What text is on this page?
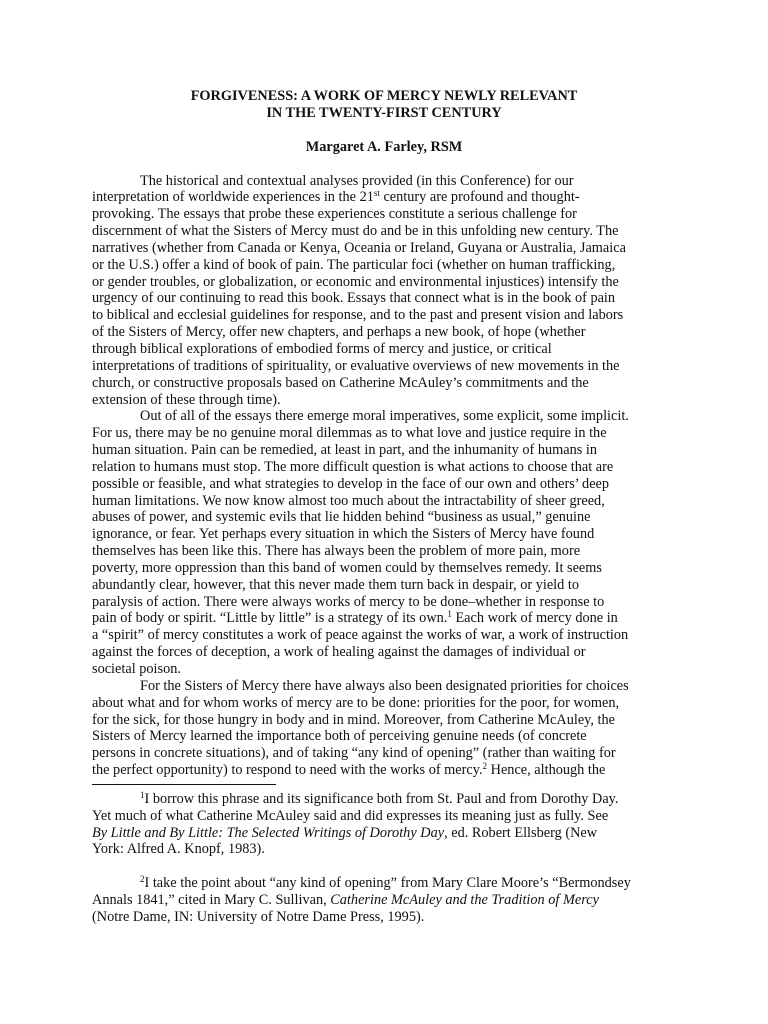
FORGIVENESS: A WORK OF MERCY NEWLY RELEVANT
IN THE TWENTY-FIRST CENTURY

Margaret A. Farley, RSM

The historical and contextual analyses provided (in this Conference) for our
interpretation of worldwide experiences in the 21st century are profound and thought-
provoking. The essays that probe these experiences constitute a serious challenge for
discernment of what the Sisters of Mercy must do and be in this unfolding new century. The
narratives (whether from Canada or Kenya, Oceania or Ireland, Guyana or Australia, Jamaica
or the U.S.) offer a kind of book of pain. The particular foci (whether on human trafficking,
or gender troubles, or globalization, or economic and environmental injustices) intensify the
urgency of our continuing to read this book. Essays that connect what is in the book of pain
to biblical and ecclesial guidelines for response, and to the past and present vision and labors
of the Sisters of Mercy, offer new chapters, and perhaps a new book, of hope (whether
through biblical explorations of embodied forms of mercy and justice, or critical
interpretations of traditions of spirituality, or evaluative overviews of new movements in the
church, or constructive proposals based on Catherine McAuley’s commitments and the
extension of these through time).

Out of all of the essays there emerge moral imperatives, some explicit, some implicit.
For us, there may be no genuine moral dilemmas as to what love and justice require in the
human situation. Pain can be remedied, at least in part, and the inhumanity of humans in
relation to humans must stop. The more difficult question is what actions to choose that are
possible or feasible, and what strategies to develop in the face of our own and others’ deep
human limitations. We now know almost too much about the intractability of sheer greed,
abuses of power, and systemic evils that lie hidden behind “business as usual,” genuine
ignorance, or fear. Yet perhaps every situation in which the Sisters of Mercy have found
themselves has been like this. There has always been the problem of more pain, more
poverty, more oppression than this band of women could by themselves remedy. It seems
abundantly clear, however, that this never made them turn back in despair, or yield to
paralysis of action. There were always works of mercy to be done–whether in response to
pain of body or spirit. “Little by little” is a strategy of its own.$^1$ Each work of mercy done in
a “spirit” of mercy constitutes a work of peace against the works of war, a work of instruction
against the forces of deception, a work of healing against the damages of individual or
societal poison.

For the Sisters of Mercy there have always also been designated priorities for choices
about what and for whom works of mercy are to be done: priorities for the poor, for women,
for the sick, for those hungry in body and in mind. Moreover, from Catherine McAuley, the
Sisters of Mercy learned the importance both of perceiving genuine needs (of concrete
persons in concrete situations), and of taking “any kind of opening” (rather than waiting for
the perfect opportunity) to respond to need with the works of mercy.$^2$ Hence, although the

$^1$I borrow this phrase and its significance both from St. Paul and from Dorothy Day.
Yet much of what Catherine McAuley said and did expresses its meaning just as fully. See
By Little and By Little: The Selected Writings of Dorothy Day, ed. Robert Ellsberg (New
York: Alfred A. Knopf, 1983).
$^2$I take the point about “any kind of opening” from Mary Clare Moore’s “Bermondsey
Annals 1841,” cited in Mary C. Sullivan, Catherine McAuley and the Tradition of Mercy
(Notre Dame, IN: University of Notre Dame Press, 1995).
